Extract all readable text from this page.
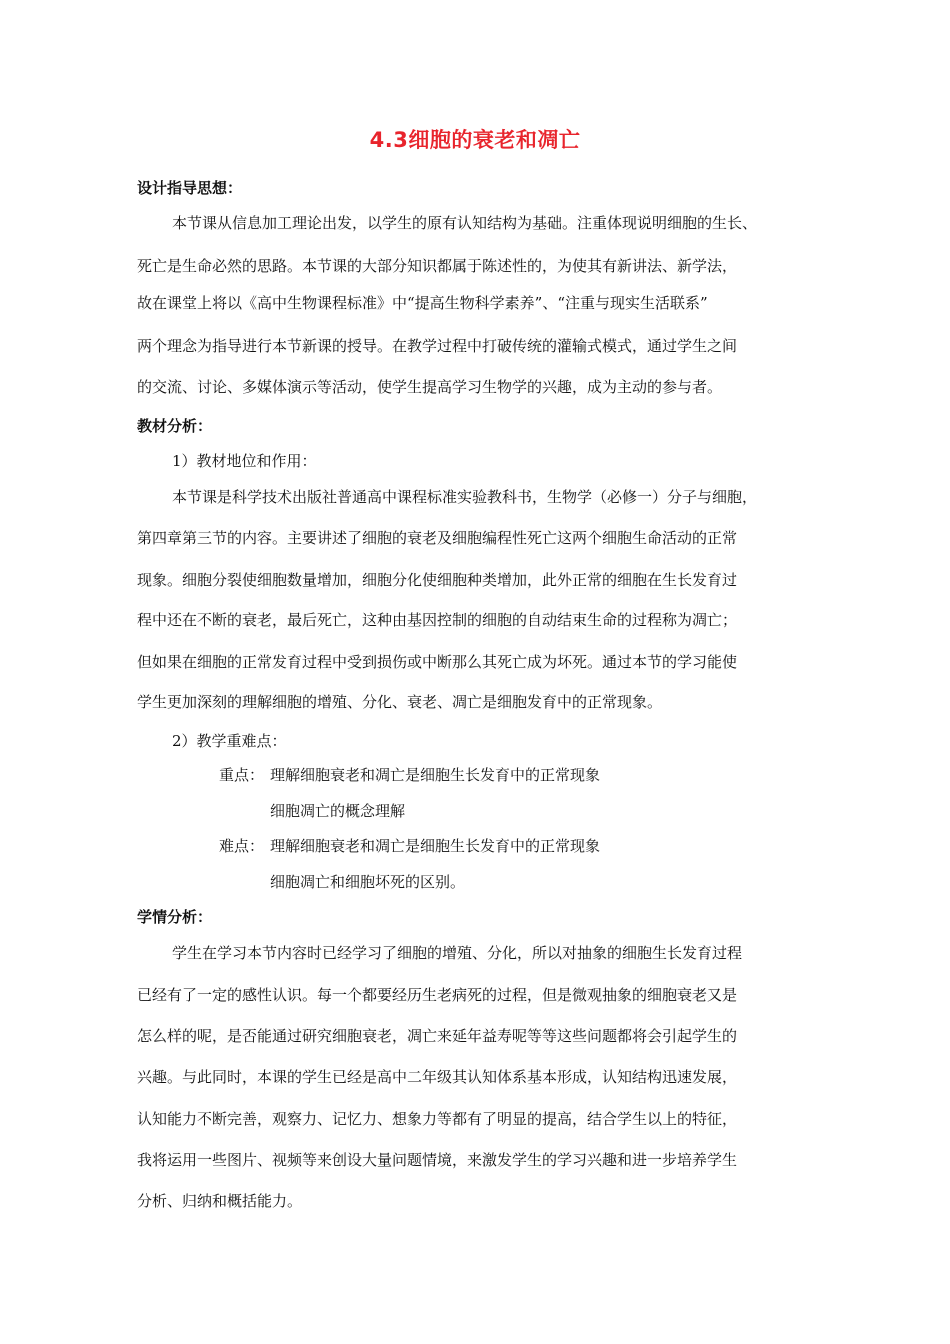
4.3细胞的衰老和凋亡
设计指导思想：
本节课从信息加工理论出发，以学生的原有认知结构为基础。注重体现说明细胞的生长、
死亡是生命必然的思路。本节课的大部分知识都属于陈述性的，为使其有新讲法、新学法，
故在课堂上将以《高中生物课程标准》中“提高生物科学素养”、“注重与现实生活联系”
两个理念为指导进行本节新课的授导。在教学过程中打破传统的灌输式模式，通过学生之间
的交流、讨论、多媒体演示等活动，使学生提高学习生物学的兴趣，成为主动的参与者。
教材分析：
1）教材地位和作用：
本节课是科学技术出版社普通高中课程标准实验教科书，生物学（必修一）分子与细胞，
第四章第三节的内容。主要讲述了细胞的衰老及细胞编程性死亡这两个细胞生命活动的正常
现象。细胞分裂使细胞数量增加，细胞分化使细胞种类增加，此外正常的细胞在生长发育过
程中还在不断的衰老，最后死亡，这种由基因控制的细胞的自动结束生命的过程称为凋亡；
但如果在细胞的正常发育过程中受到损伤或中断那么其死亡成为坏死。通过本节的学习能使
学生更加深刻的理解细胞的增殖、分化、衰老、凋亡是细胞发育中的正常现象。
2）教学重难点：
重点： 理解细胞衰老和凋亡是细胞生长发育中的正常现象
细胞凋亡的概念理解
难点： 理解细胞衰老和凋亡是细胞生长发育中的正常现象
细胞凋亡和细胞坏死的区别。
学情分析：
学生在学习本节内容时已经学习了细胞的增殖、分化，所以对抽象的细胞生长发育过程
已经有了一定的感性认识。每一个都要经历生老病死的过程，但是微观抽象的细胞衰老又是
怎么样的呢，是否能通过研究细胞衰老，凋亡来延年益寿呢等等这些问题都将会引起学生的
兴趣。与此同时，本课的学生已经是高中二年级其认知体系基本形成，认知结构迅速发展，
认知能力不断完善，观察力、记忆力、想象力等都有了明显的提高，结合学生以上的特征，
我将运用一些图片、视频等来创设大量问题情境，来激发学生的学习兴趣和进一步培养学生
分析、归纳和概括能力。
